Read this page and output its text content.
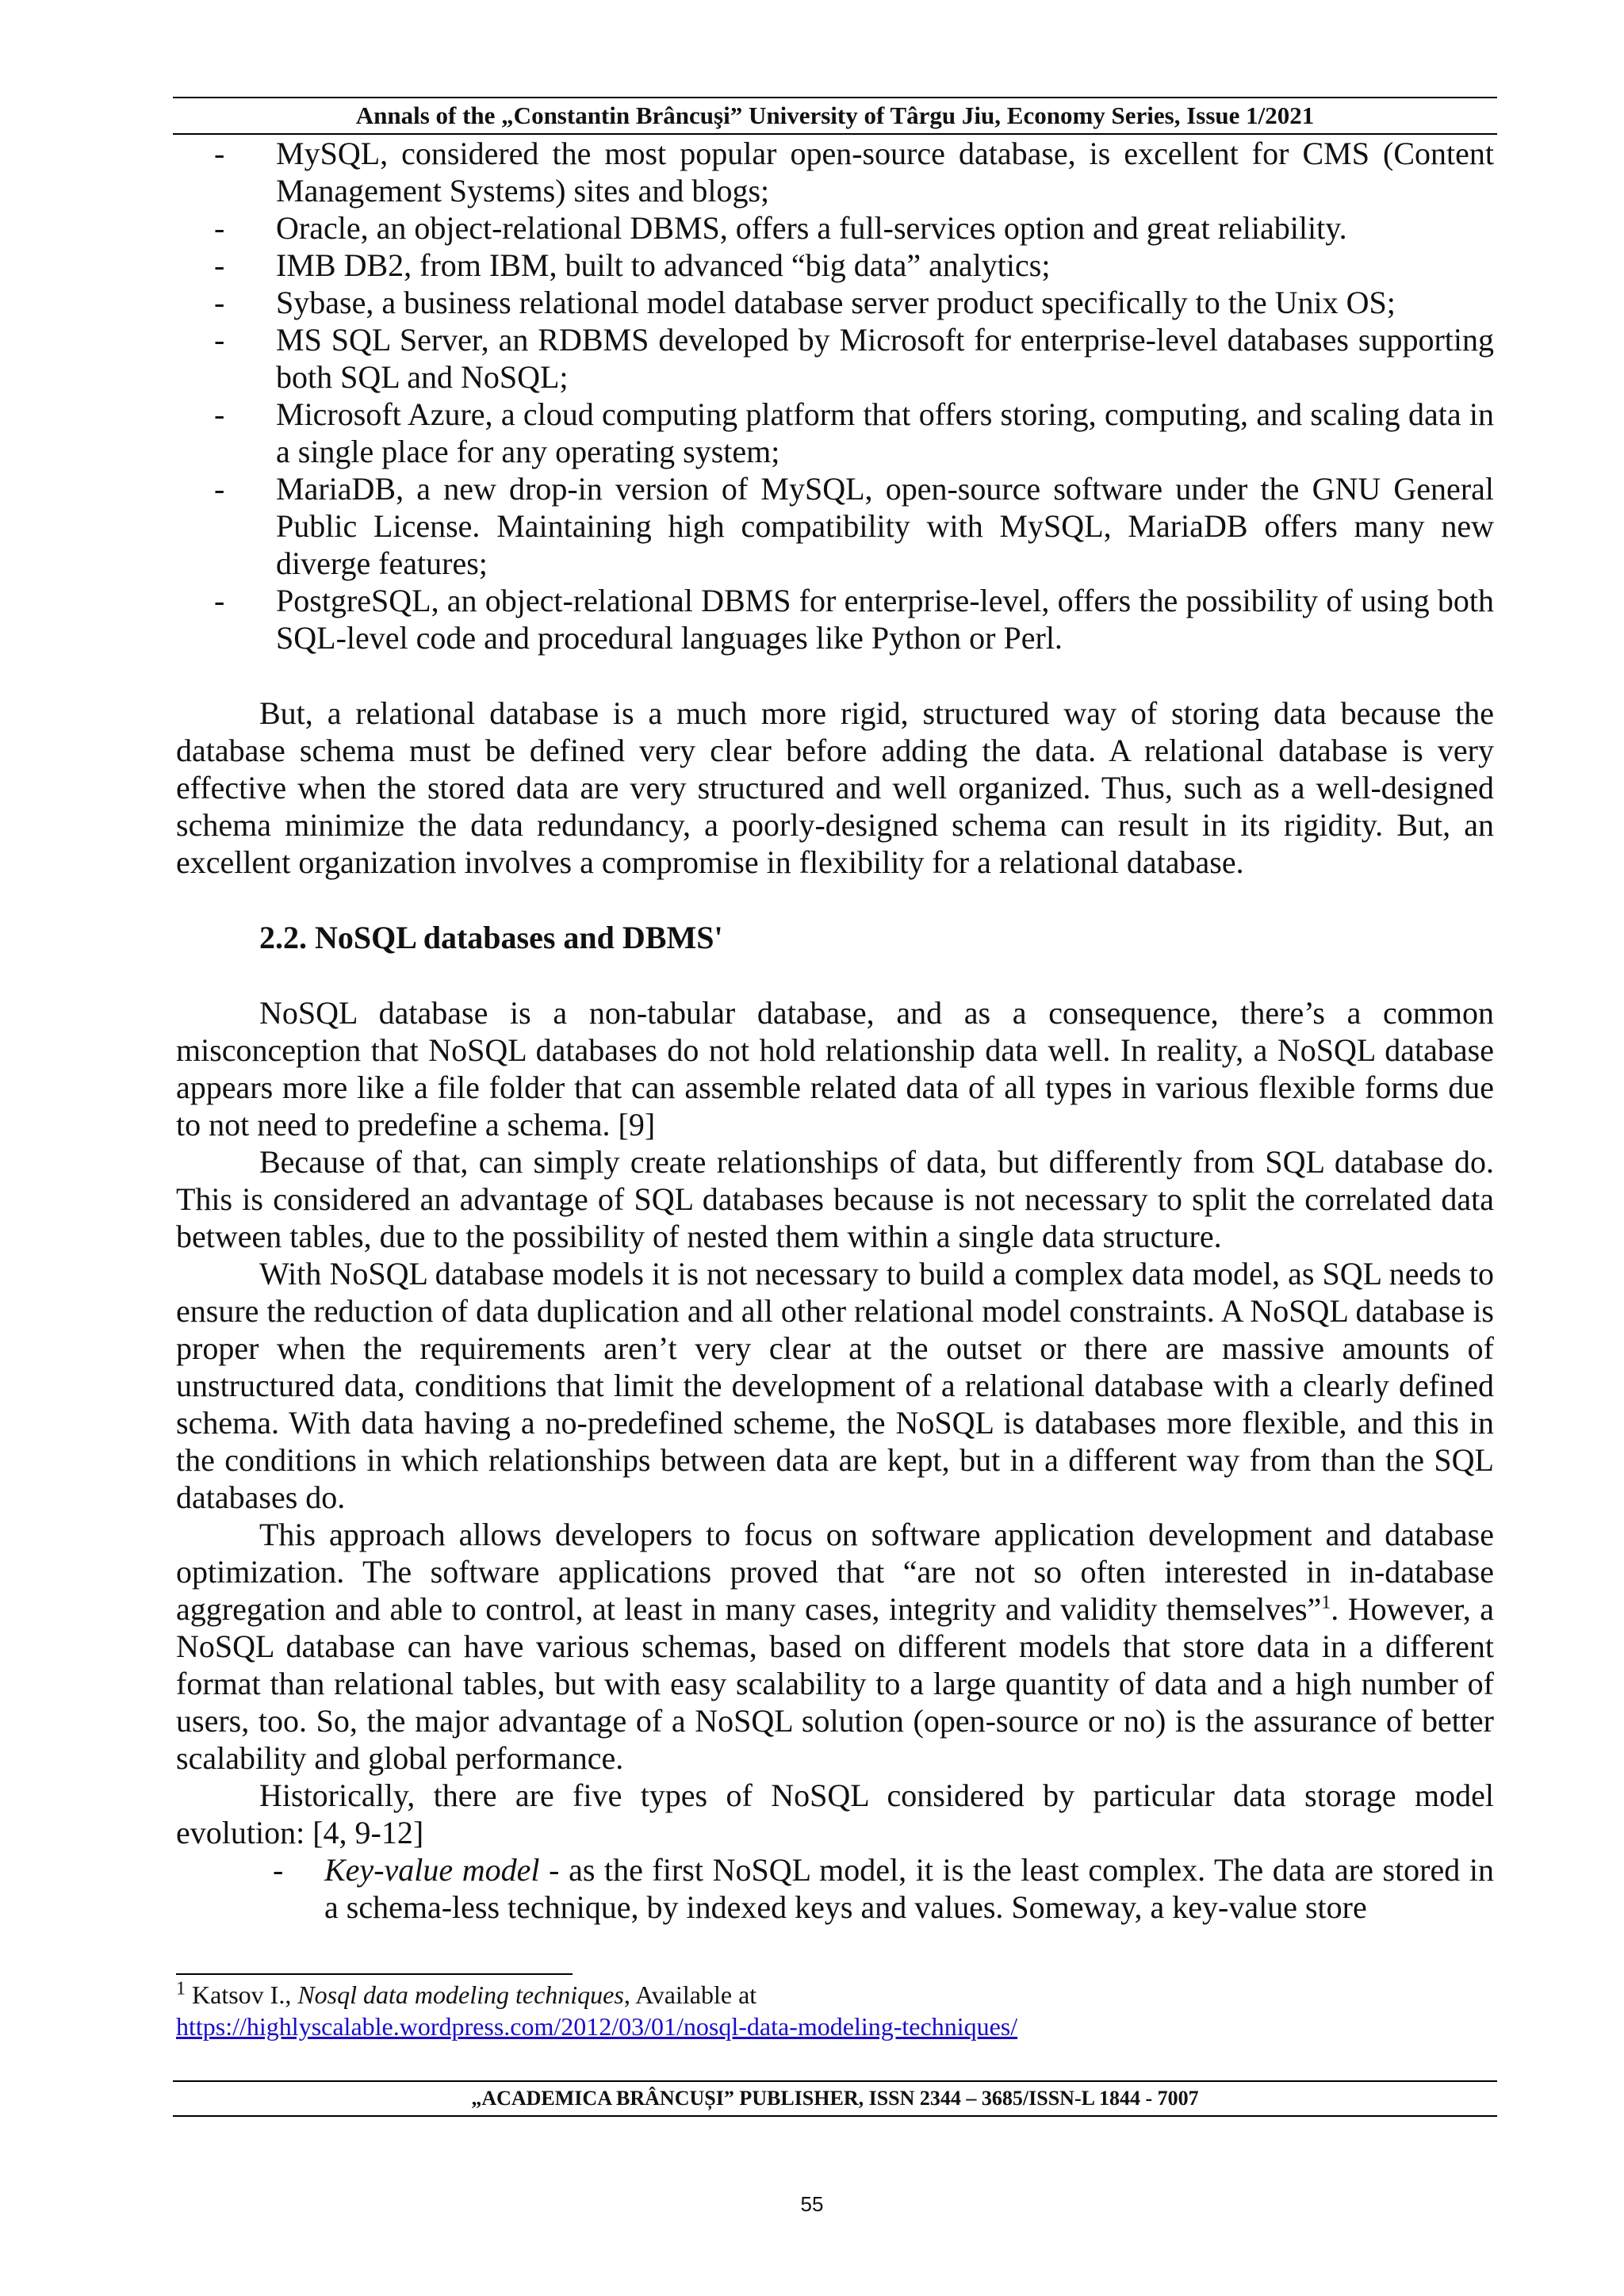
Annals of the „Constantin Brâncuşi” University of Târgu Jiu, Economy Series, Issue 1/2021
- MySQL, considered the most popular open-source database, is excellent for CMS (Content Management Systems) sites and blogs;
- Oracle, an object-relational DBMS, offers a full-services option and great reliability.
- IMB DB2, from IBM, built to advanced “big data” analytics;
- Sybase, a business relational model database server product specifically to the Unix OS;
- MS SQL Server, an RDBMS developed by Microsoft for enterprise-level databases supporting both SQL and NoSQL;
- Microsoft Azure, a cloud computing platform that offers storing, computing, and scaling data in a single place for any operating system;
- MariaDB, a new drop-in version of MySQL, open-source software under the GNU General Public License. Maintaining high compatibility with MySQL, MariaDB offers many new diverge features;
- PostgreSQL, an object-relational DBMS for enterprise-level, offers the possibility of using both SQL-level code and procedural languages like Python or Perl.

But, a relational database is a much more rigid, structured way of storing data because the database schema must be defined very clear before adding the data. A relational database is very effective when the stored data are very structured and well organized. Thus, such as a well-designed schema minimize the data redundancy, a poorly-designed schema can result in its rigidity. But, an excellent organization involves a compromise in flexibility for a relational database.

2.2. NoSQL databases and DBMS'

NoSQL database is a non-tabular database, and as a consequence, there’s a common misconception that NoSQL databases do not hold relationship data well. In reality, a NoSQL database appears more like a file folder that can assemble related data of all types in various flexible forms due to not need to predefine a schema. [9]

Because of that, can simply create relationships of data, but differently from SQL database do. This is considered an advantage of SQL databases because is not necessary to split the correlated data between tables, due to the possibility of nested them within a single data structure.

With NoSQL database models it is not necessary to build a complex data model, as SQL needs to ensure the reduction of data duplication and all other relational model constraints. A NoSQL database is proper when the requirements aren’t very clear at the outset or there are massive amounts of unstructured data, conditions that limit the development of a relational database with a clearly defined schema. With data having a no-predefined scheme, the NoSQL is databases more flexible, and this in the conditions in which relationships between data are kept, but in a different way from than the SQL databases do.

This approach allows developers to focus on software application development and database optimization. The software applications proved that “are not so often interested in in-database aggregation and able to control, at least in many cases, integrity and validity themselves”$^1$. However, a NoSQL database can have various schemas, based on different models that store data in a different format than relational tables, but with easy scalability to a large quantity of data and a high number of users, too. So, the major advantage of a NoSQL solution (open-source or no) is the assurance of better scalability and global performance.

Historically, there are five types of NoSQL considered by particular data storage model evolution: [4, 9-12]

- Key-value model - as the first NoSQL model, it is the least complex. The data are stored in a schema-less technique, by indexed keys and values. Someway, a key-value store
$^1$ Katsov I., Nosql data modeling techniques, Available at
https://highlyscalable.wordpress.com/2012/03/01/nosql-data-modeling-techniques/
„ACADEMICA BRÂNCUȘI” PUBLISHER, ISSN 2344 – 3685/ISSN-L 1844 - 7007
55
